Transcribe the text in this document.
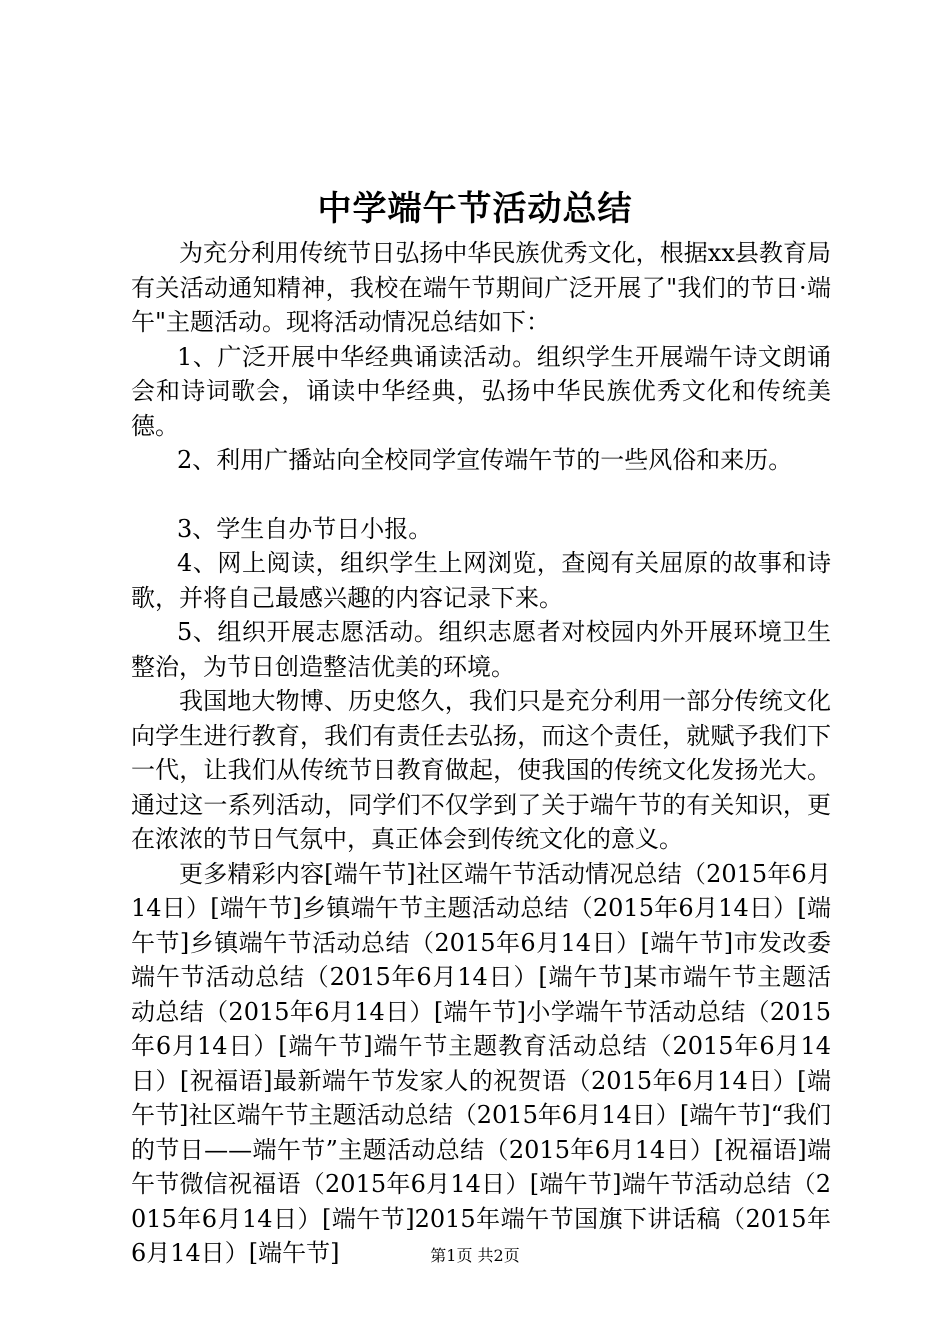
中学端午节活动总结

为充分利用传统节日弘扬中华民族优秀文化，根据xx县教育局有关活动通知精神，我校在端午节期间广泛开展了"我们的节日·端午"主题活动。现将活动情况总结如下：

1、广泛开展中华经典诵读活动。组织学生开展端午诗文朗诵会和诗词歌会，诵读中华经典，弘扬中华民族优秀文化和传统美德。

2、利用广播站向全校同学宣传端午节的一些风俗和来历。

3、学生自办节日小报。

4、网上阅读，组织学生上网浏览，查阅有关屈原的故事和诗歌，并将自己最感兴趣的内容记录下来。

5、组织开展志愿活动。组织志愿者对校园内外开展环境卫生整治，为节日创造整洁优美的环境。

我国地大物博、历史悠久，我们只是充分利用一部分传统文化向学生进行教育，我们有责任去弘扬，而这个责任，就赋予我们下一代，让我们从传统节日教育做起，使我国的传统文化发扬光大。通过这一系列活动，同学们不仅学到了关于端午节的有关知识，更在浓浓的节日气氛中，真正体会到传统文化的意义。

更多精彩内容[端午节]社区端午节活动情况总结（2015年6月14日）[端午节]乡镇端午节主题活动总结（2015年6月14日）[端午节]乡镇端午节活动总结（2015年6月14日）[端午节]市发改委端午节活动总结（2015年6月14日）[端午节]某市端午节主题活动总结（2015年6月14日）[端午节]小学端午节活动总结（2015年6月14日）[端午节]端午节主题教育活动总结（2015年6月14日）[祝福语]最新端午节发家人的祝贺语（2015年6月14日）[端午节]社区端午节主题活动总结（2015年6月14日）[端午节]“我们的节日——端午节”主题活动总结（2015年6月14日）[祝福语]端午节微信祝福语（2015年6月14日）[端午节]端午节活动总结（2015年6月14日）[端午节]2015年端午节国旗下讲话稿（2015年6月14日）[端午节]	第1页 共2页
